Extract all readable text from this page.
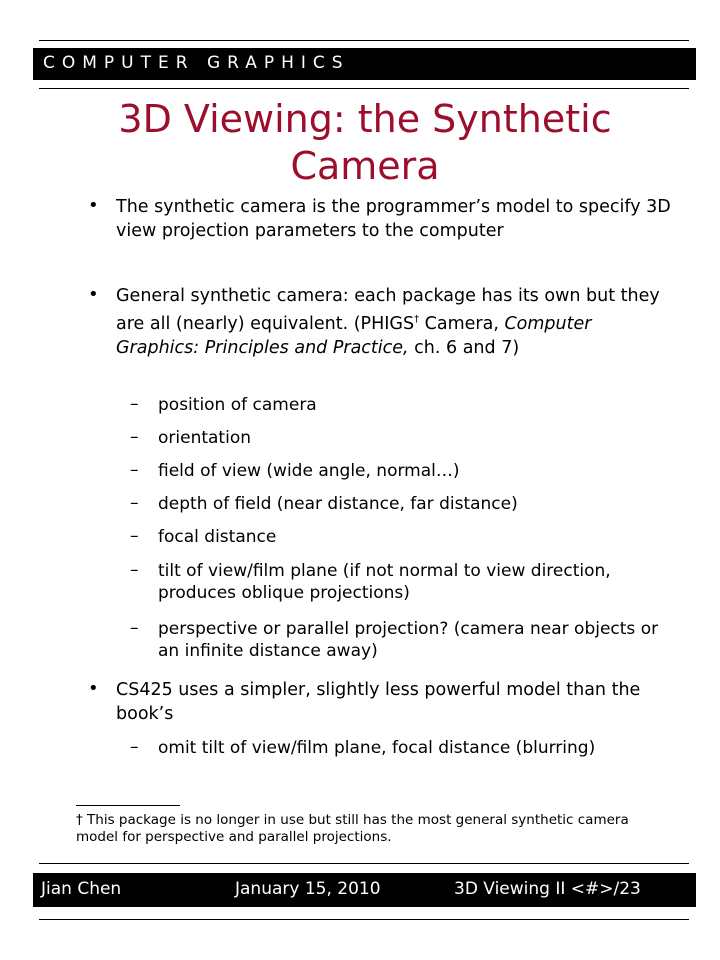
COMPUTER GRAPHICS
3D Viewing: the Synthetic
Camera
• The synthetic camera is the programmer’s model to specify 3D view projection parameters to the computer
• General synthetic camera: each package has its own but they are all (nearly) equivalent. (PHIGS† Camera, Computer Graphics: Principles and Practice, ch. 6 and 7)
– position of camera
– orientation
– field of view (wide angle, normal…)
– depth of field (near distance, far distance)
– focal distance
– tilt of view/film plane (if not normal to view direction, produces oblique projections)
– perspective or parallel projection? (camera near objects or an infinite distance away)
• CS425 uses a simpler, slightly less powerful model than the book’s
– omit tilt of view/film plane, focal distance (blurring)
† This package is no longer in use but still has the most general synthetic camera model for perspective and parallel projections.
Jian Chen	January 15, 2010	3D Viewing II <#>/23
